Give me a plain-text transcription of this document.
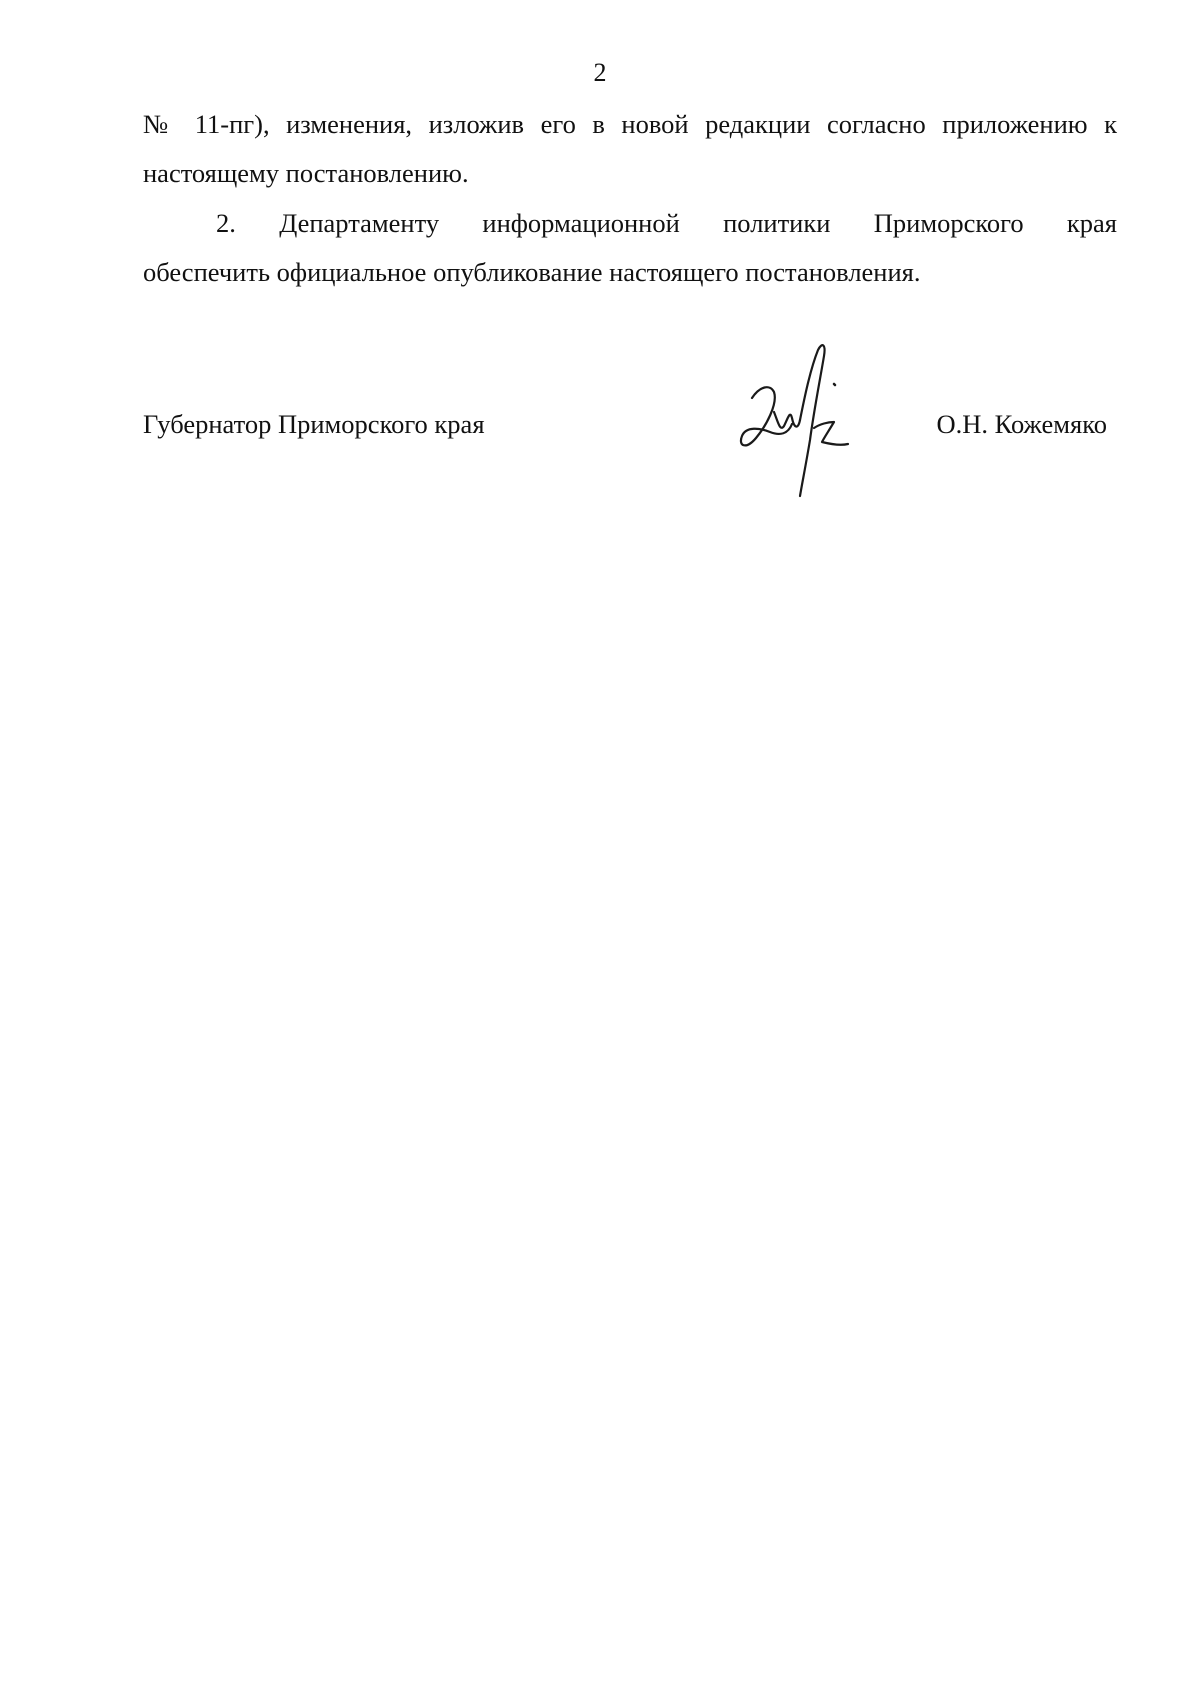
2
№ 11-пг), изменения, изложив его в новой редакции согласно приложению к
настоящему постановлению.
2. Департаменту информационной политики Приморского края
обеспечить официальное опубликование настоящего постановления.
Губернатор Приморского края	О.Н. Кожемяко
